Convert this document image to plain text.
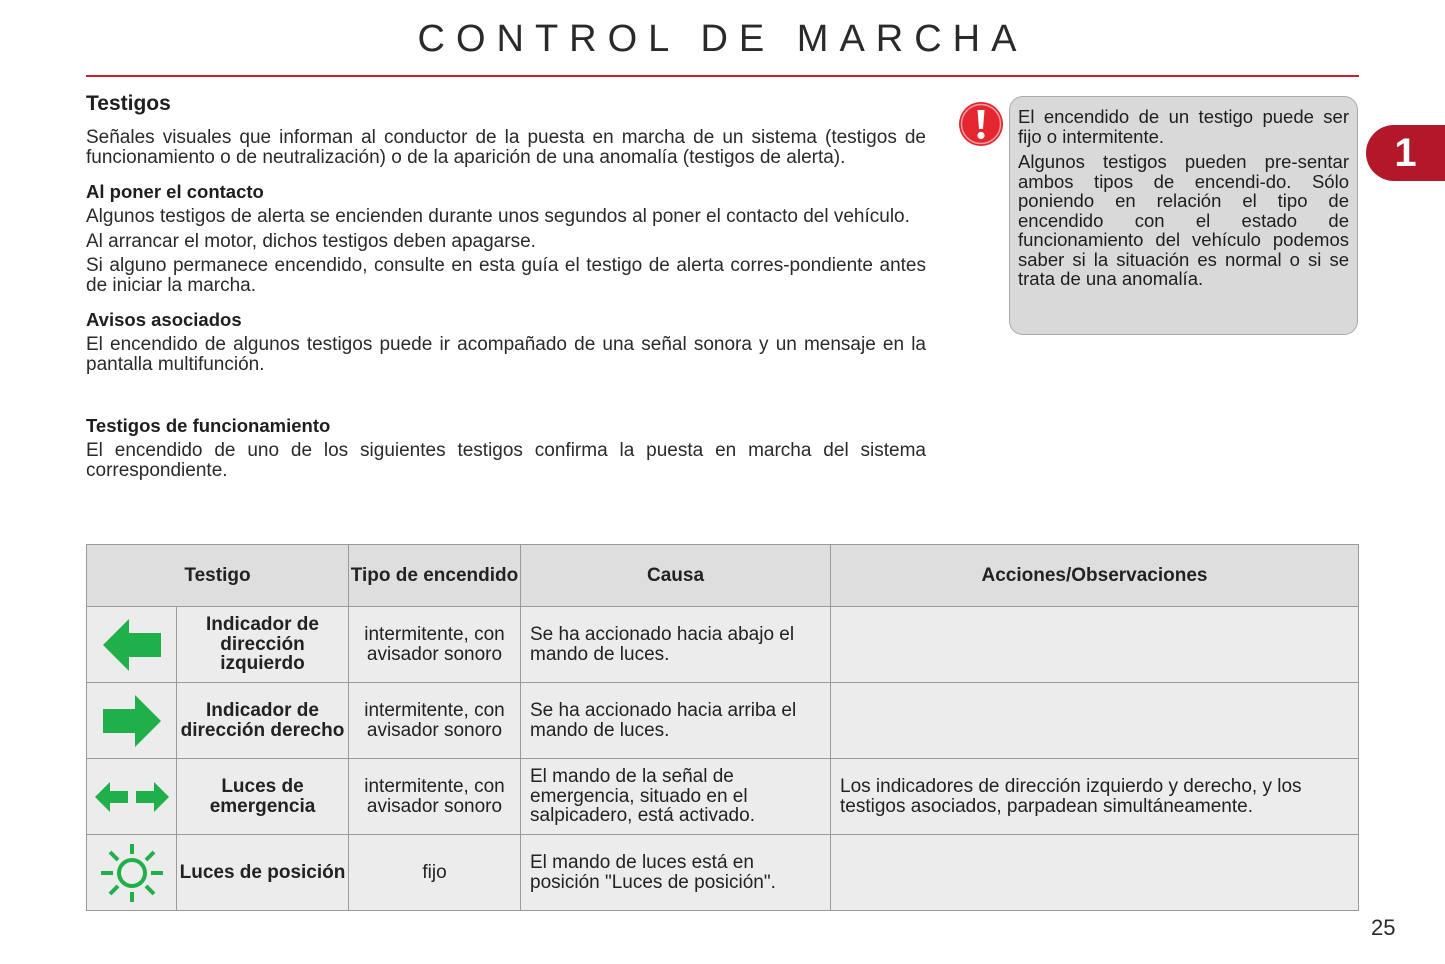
CONTROL DE MARCHA
1
Testigos

Señales visuales que informan al conductor de la puesta en marcha de un sistema (testigos de funcionamiento o de neutralización) o de la aparición de una anomalía (testigos de alerta).

Al poner el contacto

Algunos testigos de alerta se encienden durante unos segundos al poner el contacto del vehículo.

Al arrancar el motor, dichos testigos deben apagarse.

Si alguno permanece encendido, consulte en esta guía el testigo de alerta corres-pondiente antes de iniciar la marcha.

Avisos asociados

El encendido de algunos testigos puede ir acompañado de una señal sonora y un mensaje en la pantalla multifunción.

Testigos de funcionamiento

El encendido de uno de los siguientes testigos confirma la puesta en marcha del sistema correspondiente.

El encendido de un testigo puede ser fijo o intermitente.

Algunos testigos pueden pre-sentar ambos tipos de encendi-do. Sólo poniendo en relación el tipo de encendido con el estado de funcionamiento del vehículo podemos saber si la situación es normal o si se trata de una anomalía.

Testigo		Tipo de encendido	Causa	Acciones/Observaciones

	Indicador de dirección izquierdo	intermitente, con avisador sonoro	Se ha accionado hacia abajo el mando de luces.	

	Indicador de dirección derecho	intermitente, con avisador sonoro	Se ha accionado hacia arriba el mando de luces.	

	Luces de emergencia	intermitente, con avisador sonoro	El mando de la señal de emergencia, situado en el salpicadero, está activado.	Los indicadores de dirección izquierdo y derecho, y los testigos asociados, parpadean simultáneamente.

	Luces de posición	fijo	El mando de luces está en posición "Luces de posición".	
25
